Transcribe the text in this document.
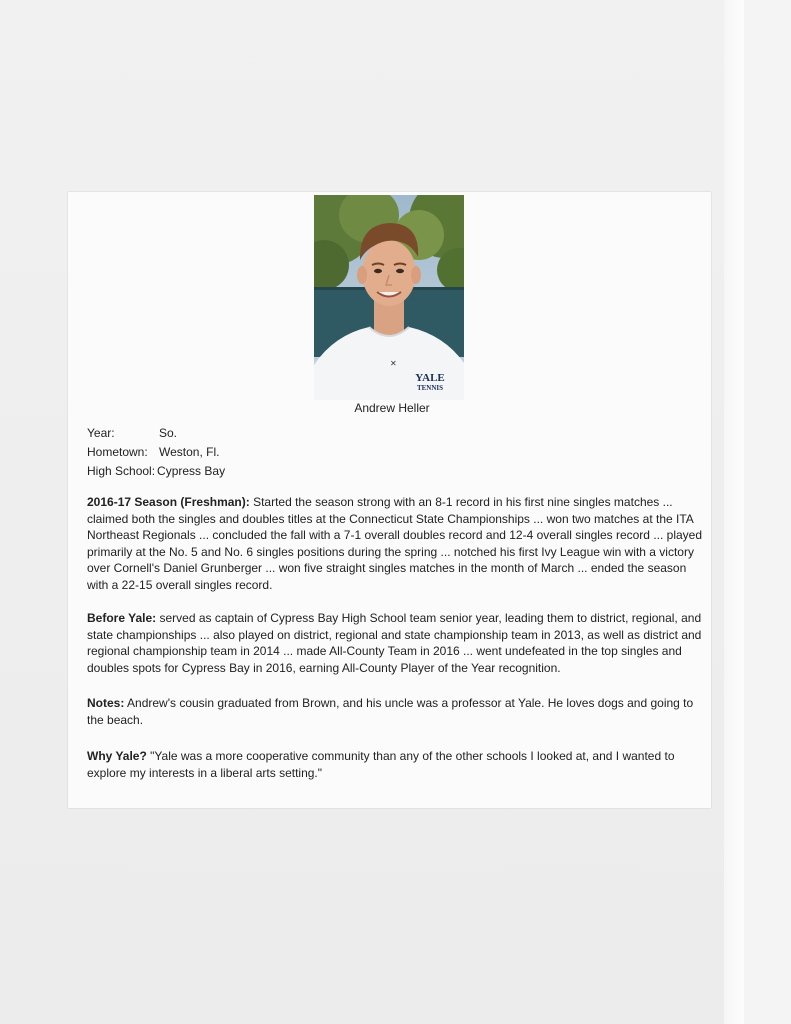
✕
YALE
TENNIS
Andrew Heller
Year:	So.
Hometown: Weston, Fl.
High School: Cypress Bay
2016-17 Season (Freshman): Started the season strong with an 8-1 record in his first nine singles matches ... claimed both the singles and doubles titles at the Connecticut State Championships ... won two matches at the ITA Northeast Regionals ... concluded the fall with a 7-1 overall doubles record and 12-4 overall singles record ... played primarily at the No. 5 and No. 6 singles positions during the spring ... notched his first Ivy League win with a victory over Cornell's Daniel Grunberger ... won five straight singles matches in the month of March ... ended the season with a 22-15 overall singles record.
Before Yale: served as captain of Cypress Bay High School team senior year, leading them to district, regional, and state championships ... also played on district, regional and state championship team in 2013, as well as district and regional championship team in 2014 ... made All-County Team in 2016 ... went undefeated in the top singles and doubles spots for Cypress Bay in 2016, earning All-County Player of the Year recognition.
Notes: Andrew's cousin graduated from Brown, and his uncle was a professor at Yale. He loves dogs and going to the beach.
Why Yale? "Yale was a more cooperative community than any of the other schools I looked at, and I wanted to explore my interests in a liberal arts setting."
